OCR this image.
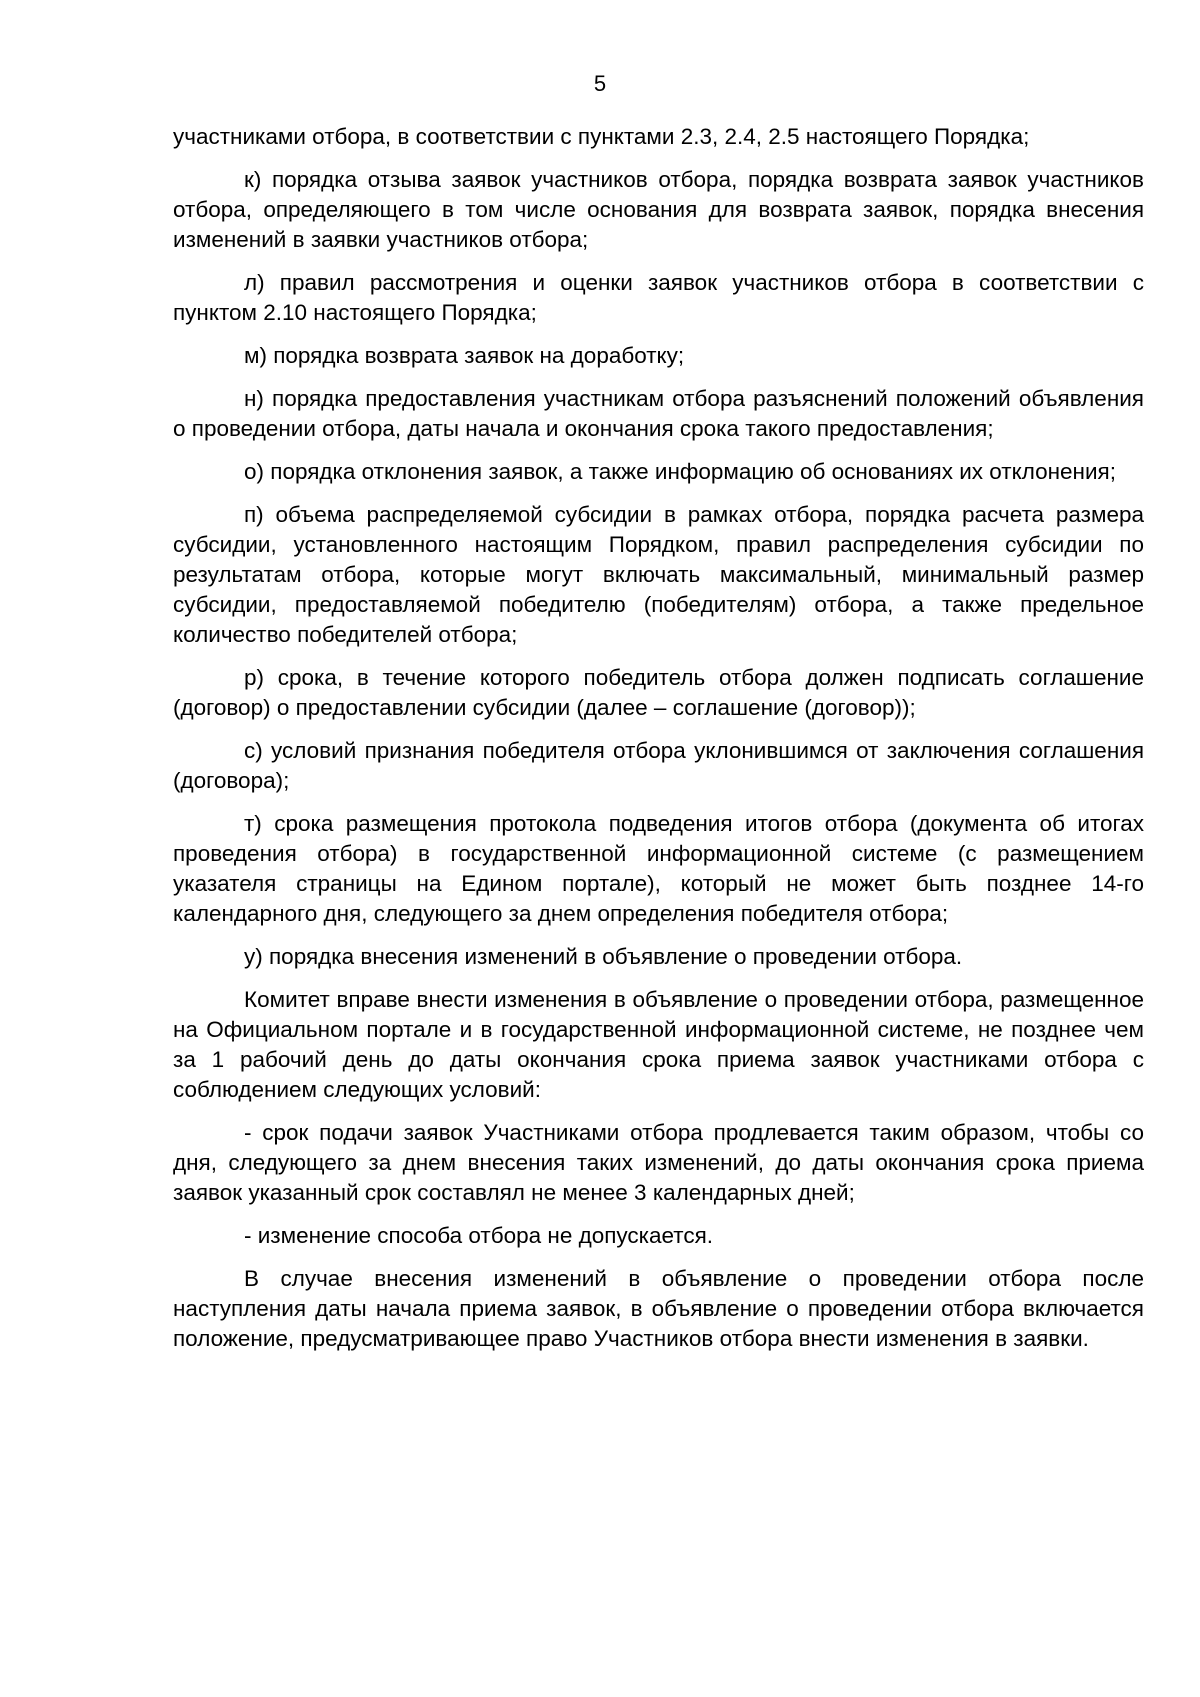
5

участниками отбора, в соответствии с пунктами 2.3, 2.4, 2.5 настоящего Порядка;

к) порядка отзыва заявок участников отбора, порядка возврата заявок участников отбора, определяющего в том числе основания для возврата заявок, порядка внесения изменений в заявки участников отбора;

л) правил рассмотрения и оценки заявок участников отбора в соответствии с пунктом 2.10 настоящего Порядка;

м) порядка возврата заявок на доработку;

н) порядка предоставления участникам отбора разъяснений положений объявления о проведении отбора, даты начала и окончания срока такого предоставления;

о) порядка отклонения заявок, а также информацию об основаниях их отклонения;

п) объема распределяемой субсидии в рамках отбора, порядка расчета размера субсидии, установленного настоящим Порядком, правил распределения субсидии по результатам отбора, которые могут включать максимальный, минимальный размер субсидии, предоставляемой победителю (победителям) отбора, а также предельное количество победителей отбора;

р) срока, в течение которого победитель отбора должен подписать соглашение (договор) о предоставлении субсидии (далее – соглашение (договор));

с) условий признания победителя отбора уклонившимся от заключения соглашения (договора);

т) срока размещения протокола подведения итогов отбора (документа об итогах проведения отбора) в государственной информационной системе (с размещением указателя страницы на Едином портале), который не может быть позднее 14-го календарного дня, следующего за днем определения победителя отбора;

у) порядка внесения изменений в объявление о проведении отбора.

Комитет вправе внести изменения в объявление о проведении отбора, размещенное на Официальном портале и в государственной информационной системе, не позднее чем за 1 рабочий день до даты окончания срока приема заявок участниками отбора с соблюдением следующих условий:

- срок подачи заявок Участниками отбора продлевается таким образом, чтобы со дня, следующего за днем внесения таких изменений, до даты окончания срока приема заявок указанный срок составлял не менее 3 календарных дней;

- изменение способа отбора не допускается.

В случае внесения изменений в объявление о проведении отбора после наступления даты начала приема заявок, в объявление о проведении отбора включается положение, предусматривающее право Участников отбора внести изменения в заявки.
